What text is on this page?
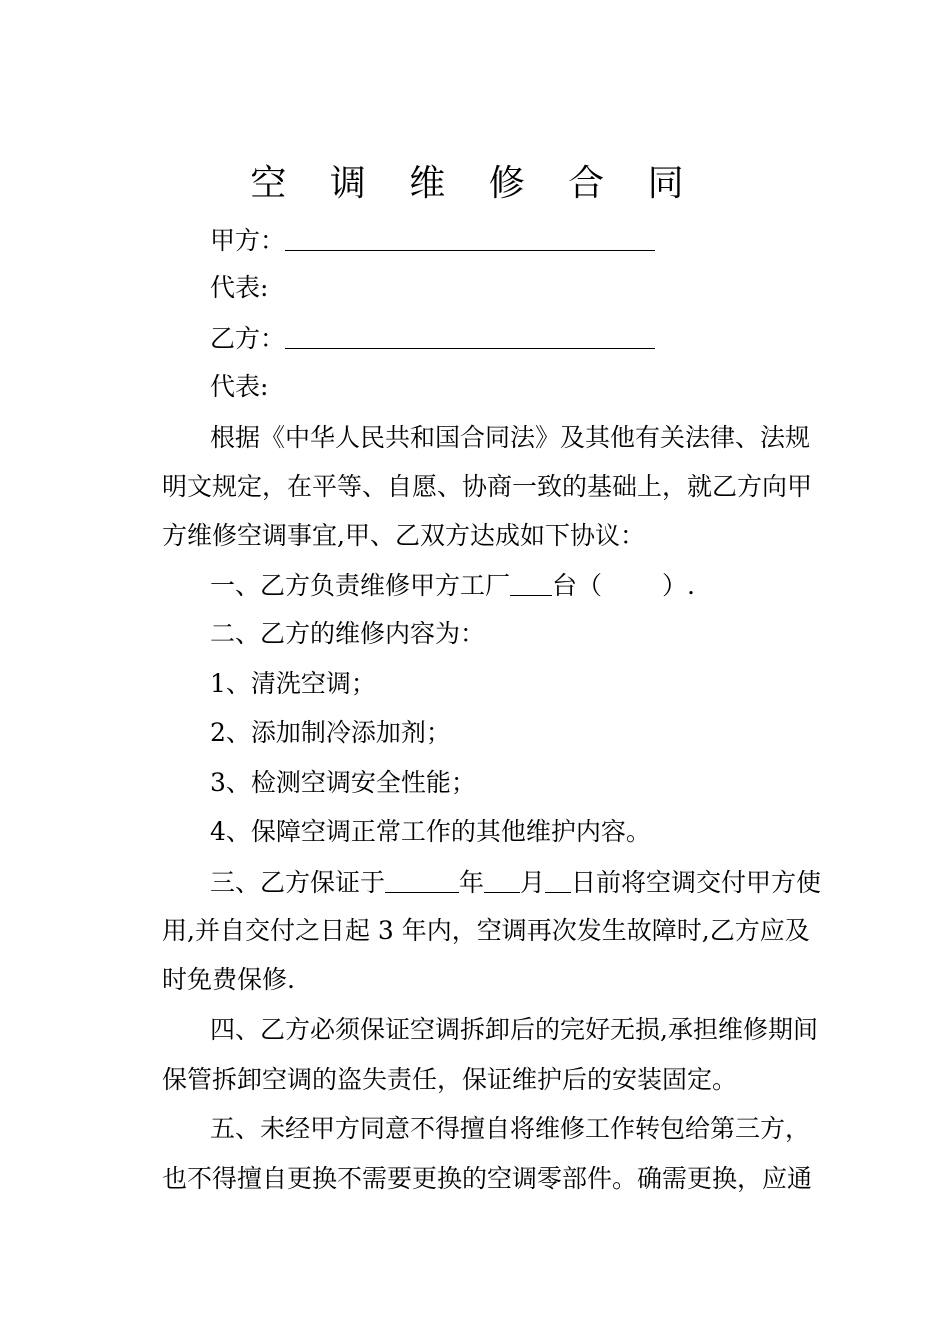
空 调 维 修 合 同
甲方：
代表:
乙方：
代表:
根据《中华人民共和国合同法》及其他有关法律、法规
明文规定，在平等、自愿、协商一致的基础上，就乙方向甲
方维修空调事宜,甲、乙双方达成如下协议：
一、乙方负责维修甲方工厂 台（ ）.
二、乙方的维修内容为：
1、清洗空调；
2、添加制冷添加剂；
3、检测空调安全性能；
4、保障空调正常工作的其他维护内容。
三、乙方保证于	年 月 日前将空调交付甲方使
用,并自交付之日起 3 年内，空调再次发生故障时,乙方应及
时免费保修.
四、乙方必须保证空调拆卸后的完好无损,承担维修期间
保管拆卸空调的盗失责任，保证维护后的安装固定。
五、未经甲方同意不得擅自将维修工作转包给第三方，
也不得擅自更换不需要更换的空调零部件。确需更换，应通
